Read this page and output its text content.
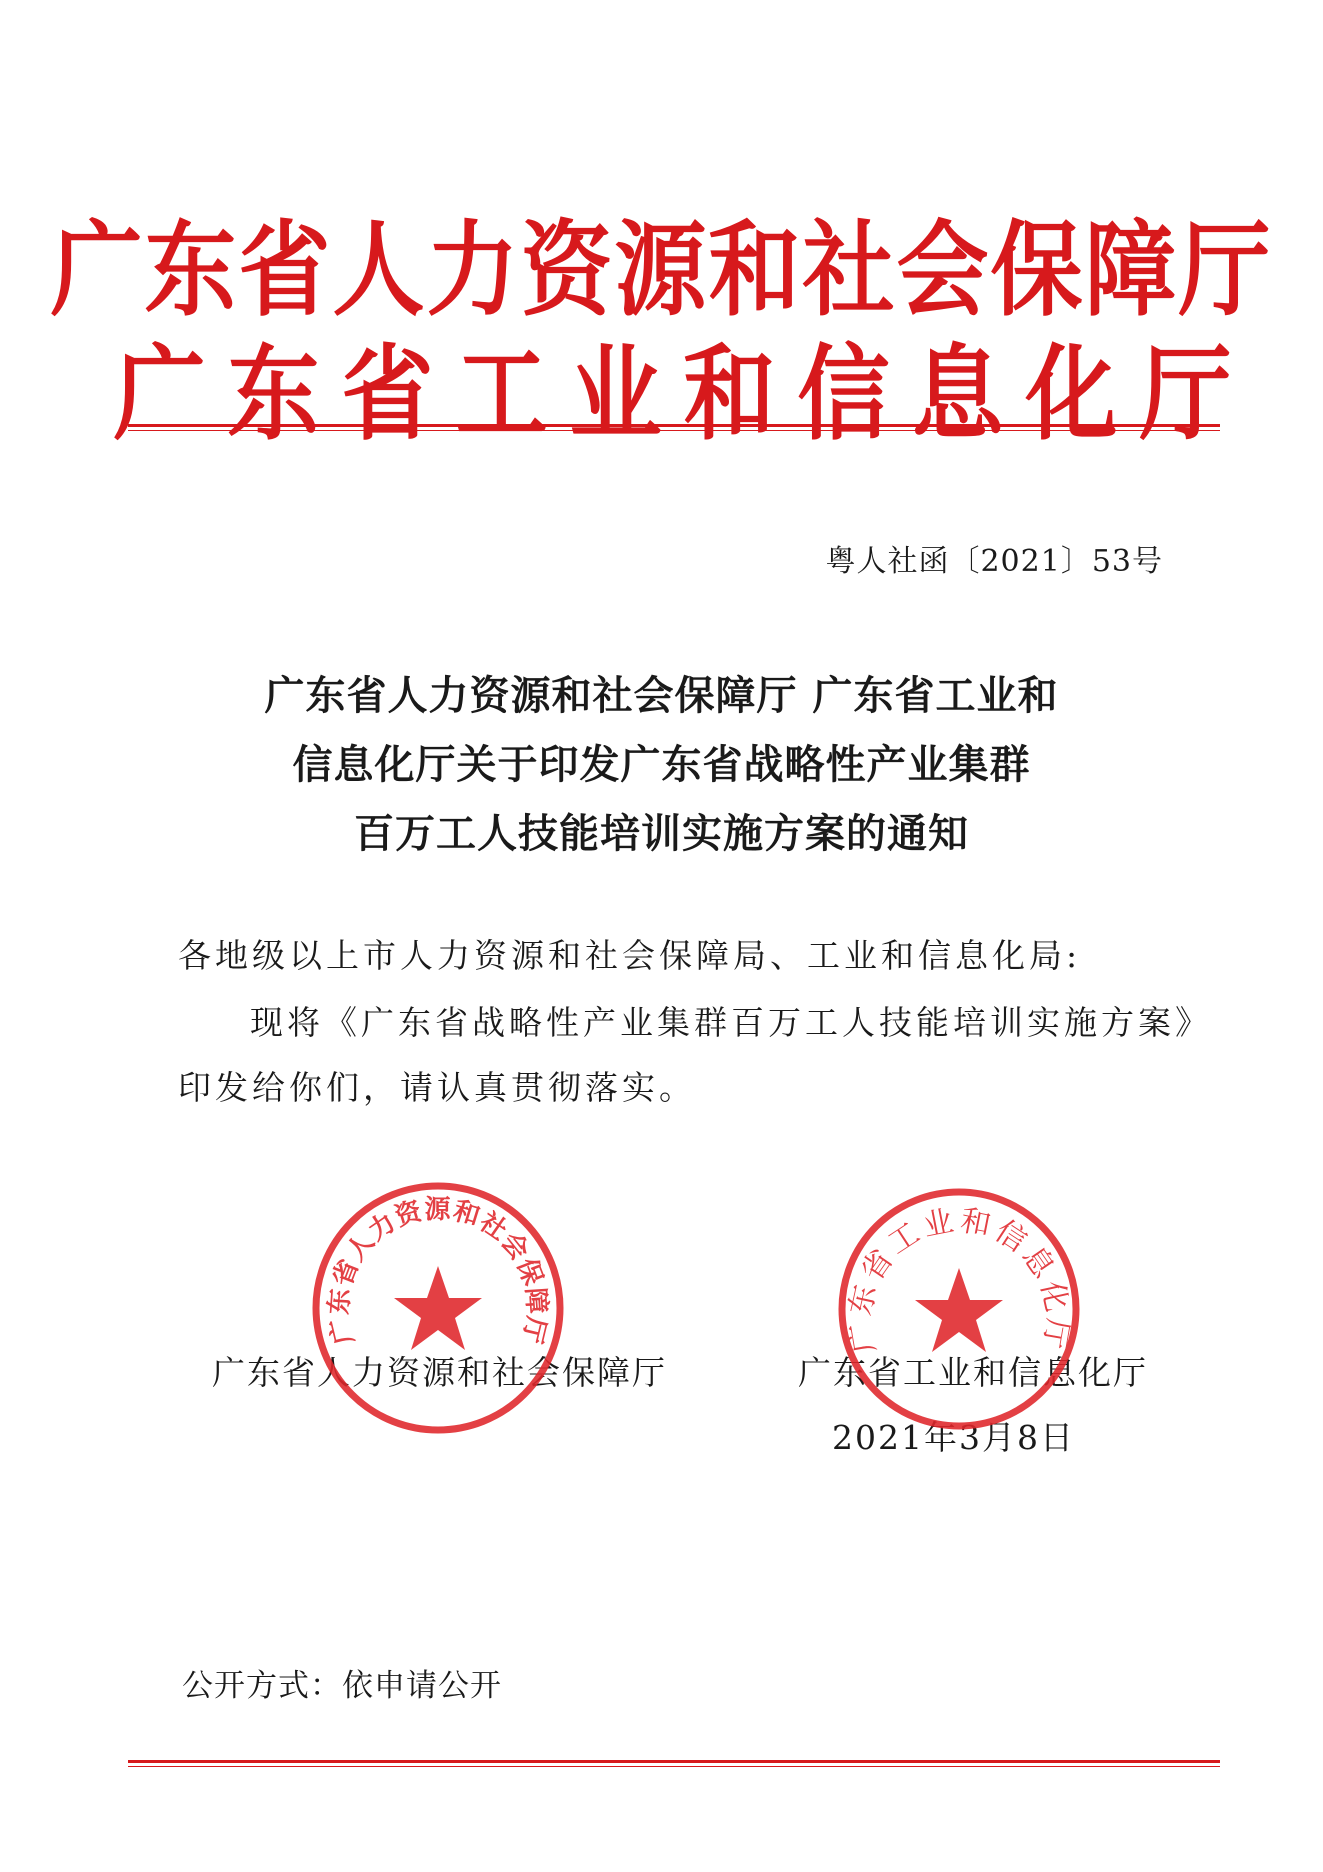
广东省人力资源和社会保障厅
广东省工业和信息化厅
粤人社函〔2021〕53号
广东省人力资源和社会保障厅 广东省工业和
信息化厅关于印发广东省战略性产业集群
百万工人技能培训实施方案的通知
各地级以上市人力资源和社会保障局、工业和信息化局:
现将《广东省战略性产业集群百万工人技能培训实施方案》
印发给你们，请认真贯彻落实。
广东省人力资源和社会保障厅	广东省工业和信息化厅
2021年3月8日
广东省人力资源和社会保障厅	广东省工业和信息化厅
公开方式：依申请公开
